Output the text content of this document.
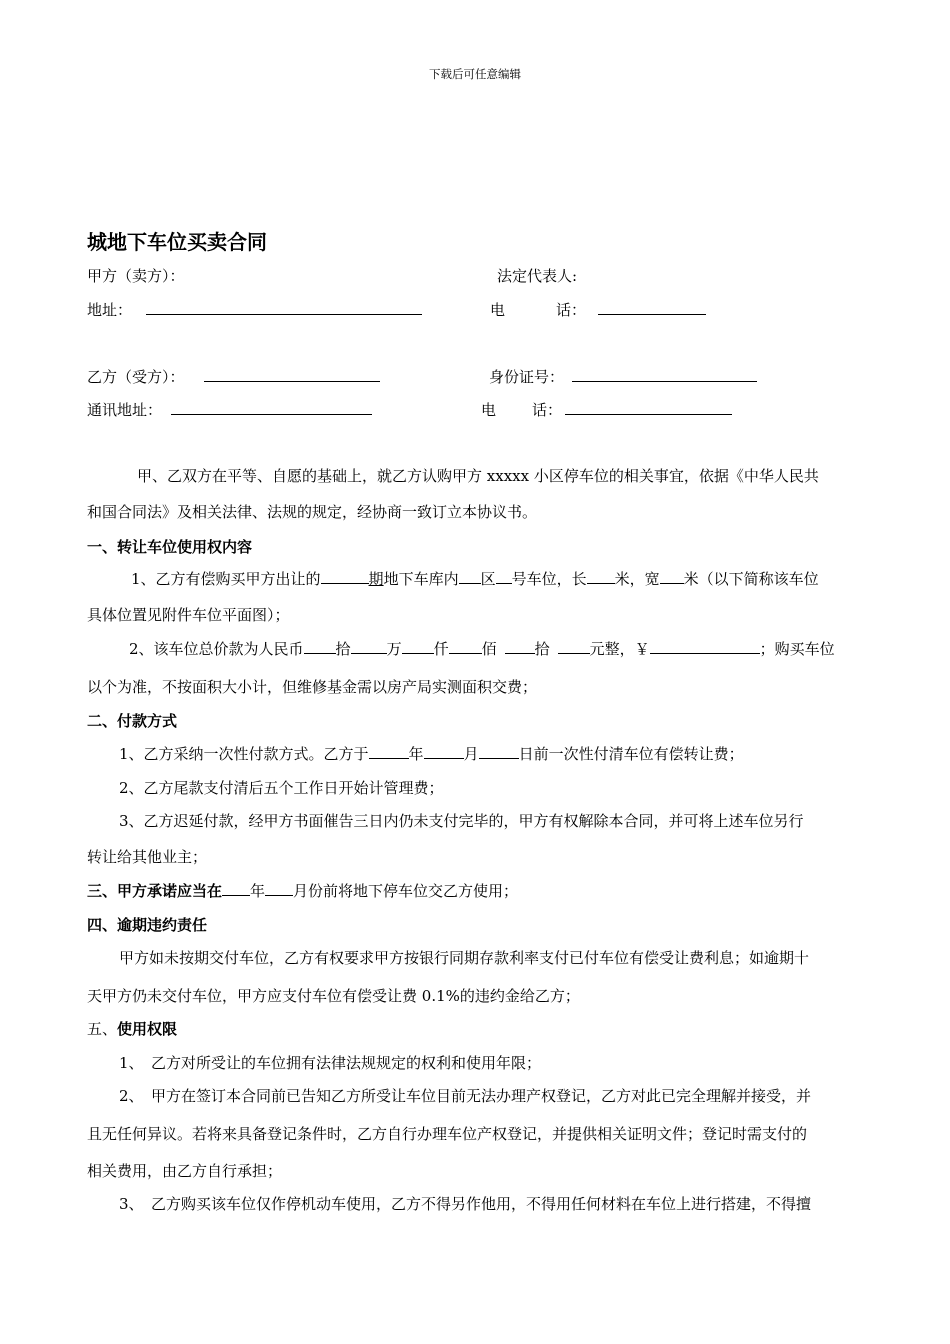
下载后可任意编辑
城地下车位买卖合同
甲方（卖方）：	法定代表人:
地址：	电	话：
乙方（受方）：	身份证号：
通讯地址：	电 话：
甲、乙双方在平等、自愿的基础上，就乙方认购甲方 xxxxx 小区停车位的相关事宜，依据《中华人民共
和国合同法》及相关法律、法规的规定，经协商一致订立本协议书。
一、转让车位使用权内容
1、乙方有偿购买甲方出让的	期地下车库内 区 号车位，长 米，宽 米（以下简称该车位
具体位置见附件车位平面图）；
2、该车位总价款为人民币 拾 万 仟 佰	拾	元整，￥	；购买车位
以个为准，不按面积大小计，但维修基金需以房产局实测面积交费；
二、付款方式
1、乙方采纳一次性付款方式。乙方于	年	月	日前一次性付清车位有偿转让费；
2、乙方尾款支付清后五个工作日开始计管理费；
3、乙方迟延付款，经甲方书面催告三日内仍未支付完毕的，甲方有权解除本合同，并可将上述车位另行
转让给其他业主；
三、甲方承诺应当在 年 月份前将地下停车位交乙方使用；
四、逾期违约责任
甲方如未按期交付车位，乙方有权要求甲方按银行同期存款利率支付已付车位有偿受让费利息；如逾期十
天甲方仍未交付车位，甲方应支付车位有偿受让费 0.1%的违约金给乙方；
五、使用权限
1、　乙方对所受让的车位拥有法律法规规定的权利和使用年限；
2、　甲方在签订本合同前已告知乙方所受让车位目前无法办理产权登记，乙方对此已完全理解并接受，并
且无任何异议。若将来具备登记条件时，乙方自行办理车位产权登记，并提供相关证明文件；登记时需支付的
相关费用，由乙方自行承担；
3、　乙方购买该车位仅作停机动车使用，乙方不得另作他用，不得用任何材料在车位上进行搭建，不得擅
